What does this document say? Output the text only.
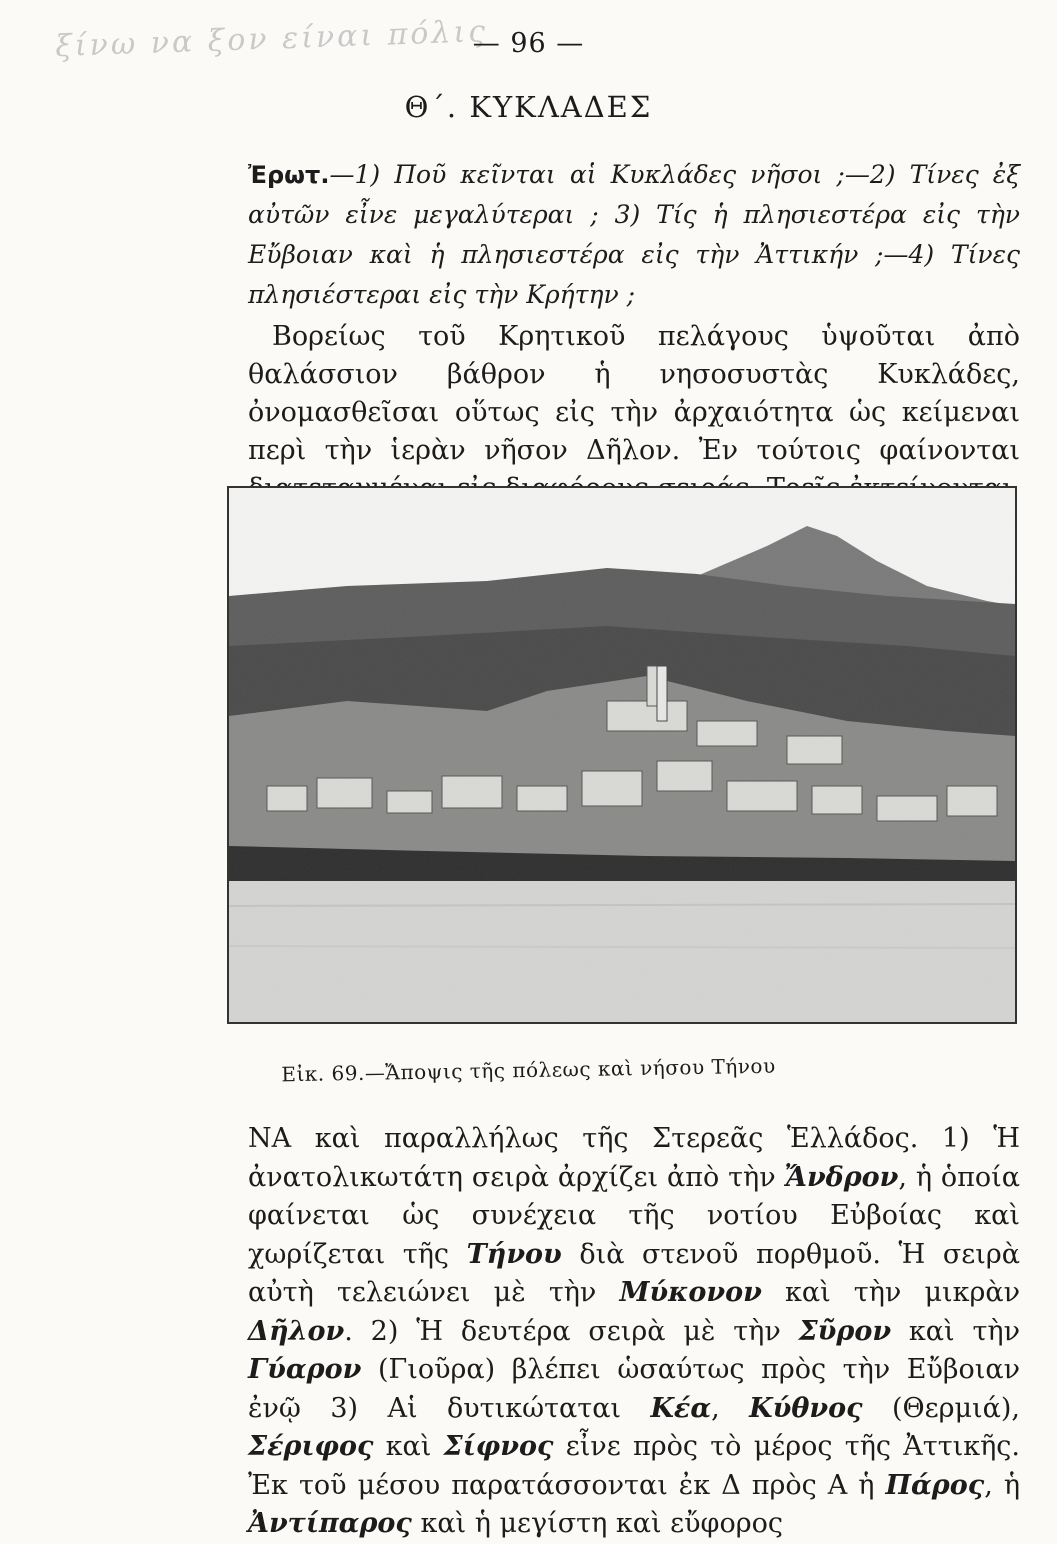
ξίνω να ξον είναι πόλις
— 96 —
Θ΄. ΚΥΚΛΑΔΕΣ
Ἐρωτ.—1) Ποῦ κεῖνται αἱ Κυκλάδες νῆσοι ;—2) Τίνες ἐξ αὐτῶν εἶνε μεγαλύτεραι ; 3) Τίς ἡ πλησιεστέρα εἰς τὴν Εὔβοιαν καὶ ἡ πλησιεστέρα εἰς τὴν Ἀττικήν ;—4) Τίνες πλησιέστεραι εἰς τὴν Κρήτην ;
Βορείως τοῦ Κρητικοῦ πελάγους ὑψοῦται ἀπὸ θαλάσσιον βάθρον ἡ νησοσυστὰς Κυκλάδες, ὀνομασθεῖσαι οὕτως εἰς τὴν ἀρχαιότητα ὡς κείμεναι περὶ τὴν ἱερὰν νῆσον Δῆλον. Ἐν τούτοις φαίνονται
Εἰκ. 69.—Ἄποψις τῆς πόλεως καὶ νήσου Τήνου
ΝΑ καὶ παραλλήλως τῆς Στερεᾶς Ἑλλάδος. 1) Ἡ ἀνατολικωτάτη σειρὰ ἀρχίζει ἀπὸ τὴν Ἄνδρον, ἡ ὁποία φαίνεται ὡς συνέχεια τῆς νοτίου Εὐβοίας καὶ χωρίζεται τῆς Τήνου διὰ στενοῦ πορθμοῦ. Ἡ σειρὰ αὐτὴ τελειώνει μὲ τὴν Μύκονον καὶ τὴν μικρὰν Δῆλον. 2) Ἡ δευτέρα σειρὰ μὲ τὴν Σῦρον καὶ τὴν Γύαρον (Γιοῦρα) βλέπει ὡσαύτως πρὸς τὴν Εὔβοιαν ἐνῷ 3) Αἱ δυτικώταται Κέα, Κύθνος (Θερμιά), Σέριφος καὶ Σίφνος εἶνε πρὸς τὸ μέρος τῆς Ἀττικῆς. Ἐκ τοῦ μέσου παρατάσσονται ἐκ Δ πρὸς Α ἡ Πάρος, ἡ Ἀντίπαρος καὶ ἡ μεγίστη καὶ εὔφορος
